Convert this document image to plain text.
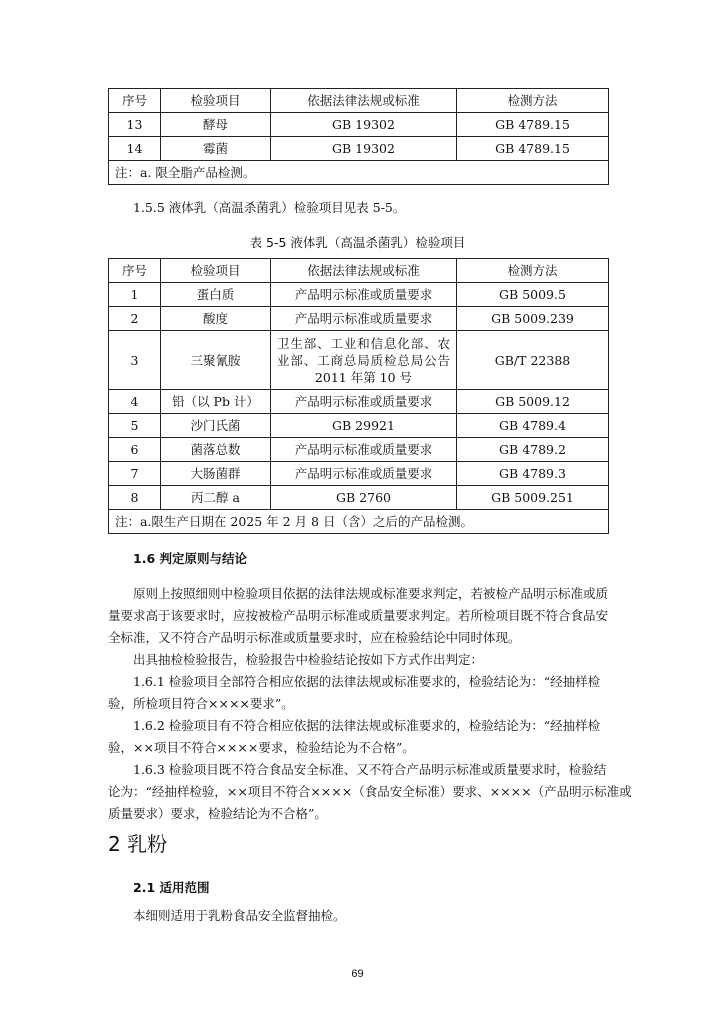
序号	检验项目	依据法律法规或标准	检测方法
13	酵母	GB 19302	GB 4789.15
14	霉菌	GB 19302	GB 4789.15
注：a. 限全脂产品检测。			
1.5.5 液体乳（高温杀菌乳）检验项目见表 5-5。
表 5-5 液体乳（高温杀菌乳）检验项目
序号	检验项目	依据法律法规或标准	检测方法
1	蛋白质	产品明示标准或质量要求	GB 5009.5
2	酸度	产品明示标准或质量要求	GB 5009.239
3	三聚氰胺	卫生部、工业和信息化部、农业部、工商总局质检总局公告 2011 年第 10 号	GB/T 22388
4	铅（以 Pb 计）	产品明示标准或质量要求	GB 5009.12
5	沙门氏菌	GB 29921	GB 4789.4
6	菌落总数	产品明示标准或质量要求	GB 4789.2
7	大肠菌群	产品明示标准或质量要求	GB 4789.3
8	丙二醇 a	GB 2760	GB 5009.251
注：a.限生产日期在 2025 年 2 月 8 日（含）之后的产品检测。			
1.6 判定原则与结论
原则上按照细则中检验项目依据的法律法规或标准要求判定，若被检产品明示标准或质
量要求高于该要求时，应按被检产品明示标准或质量要求判定。若所检项目既不符合食品安
全标准，又不符合产品明示标准或质量要求时，应在检验结论中同时体现。
出具抽检检验报告，检验报告中检验结论按如下方式作出判定：
1.6.1 检验项目全部符合相应依据的法律法规或标准要求的，检验结论为：“经抽样检
验，所检项目符合××××要求”。
1.6.2 检验项目有不符合相应依据的法律法规或标准要求的，检验结论为：“经抽样检
验，××项目不符合××××要求，检验结论为不合格”。
1.6.3 检验项目既不符合食品安全标准、又不符合产品明示标准或质量要求时，检验结
论为：“经抽样检验，××项目不符合××××（食品安全标准）要求、××××（产品明示标准或
质量要求）要求，检验结论为不合格”。
2 乳粉
2.1 适用范围
本细则适用于乳粉食品安全监督抽检。
69
